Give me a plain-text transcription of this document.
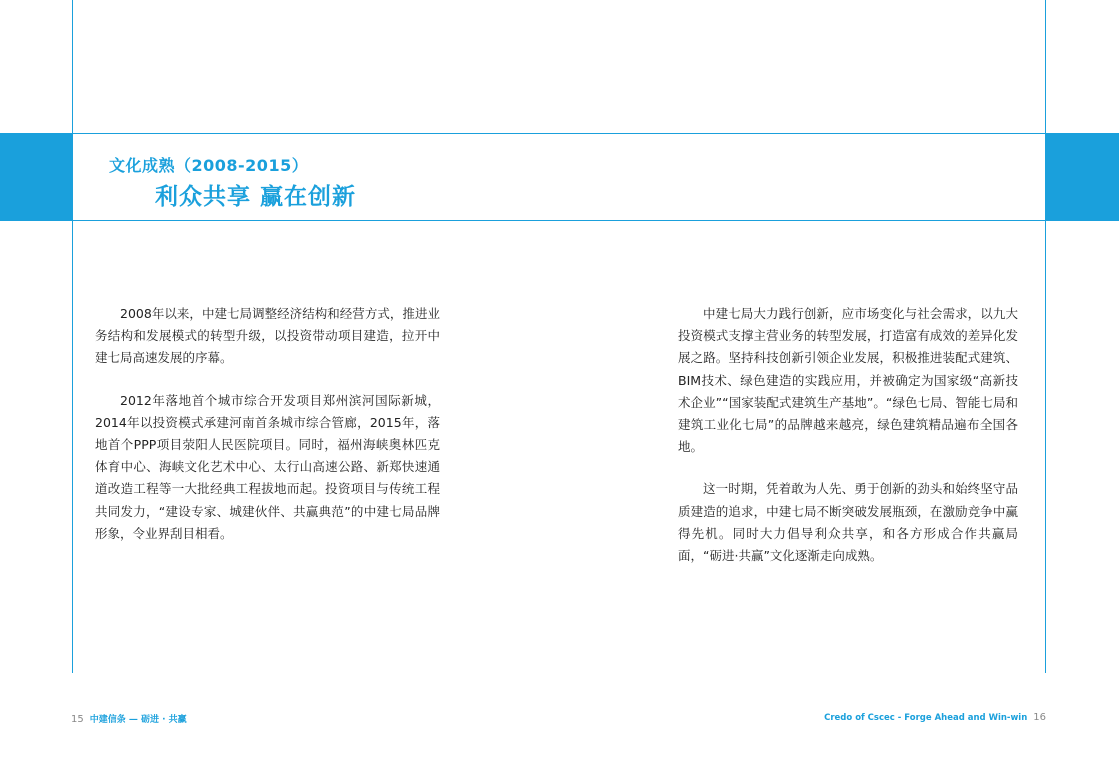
文化成熟（2008-2015）
利众共享 赢在创新

2008年以来，中建七局调整经济结构和经营方式，推进业务结构和发展模式的转型升级，以投资带动项目建造，拉开中建七局高速发展的序幕。

2012年落地首个城市综合开发项目郑州滨河国际新城，2014年以投资模式承建河南首条城市综合管廊，2015年，落地首个PPP项目荥阳人民医院项目。同时，福州海峡奥林匹克体育中心、海峡文化艺术中心、太行山高速公路、新郑快速通道改造工程等一大批经典工程拔地而起。投资项目与传统工程共同发力，“建设专家、城建伙伴、共赢典范”的中建七局品牌形象，令业界刮目相看。

中建七局大力践行创新，应市场变化与社会需求，以九大投资模式支撑主营业务的转型发展，打造富有成效的差异化发展之路。坚持科技创新引领企业发展，积极推进装配式建筑、BIM技术、绿色建造的实践应用，并被确定为国家级“高新技术企业”“国家装配式建筑生产基地”。“绿色七局、智能七局和建筑工业化七局”的品牌越来越亮，绿色建筑精品遍布全国各地。

这一时期，凭着敢为人先、勇于创新的劲头和始终坚守品质建造的追求，中建七局不断突破发展瓶颈，在激励竞争中赢得先机。同时大力倡导利众共享，和各方形成合作共赢局面，“砺进·共赢”文化逐渐走向成熟。

15 中建信条 — 砺进 · 共赢	Credo of Cscec - Forge Ahead and Win-win 16
